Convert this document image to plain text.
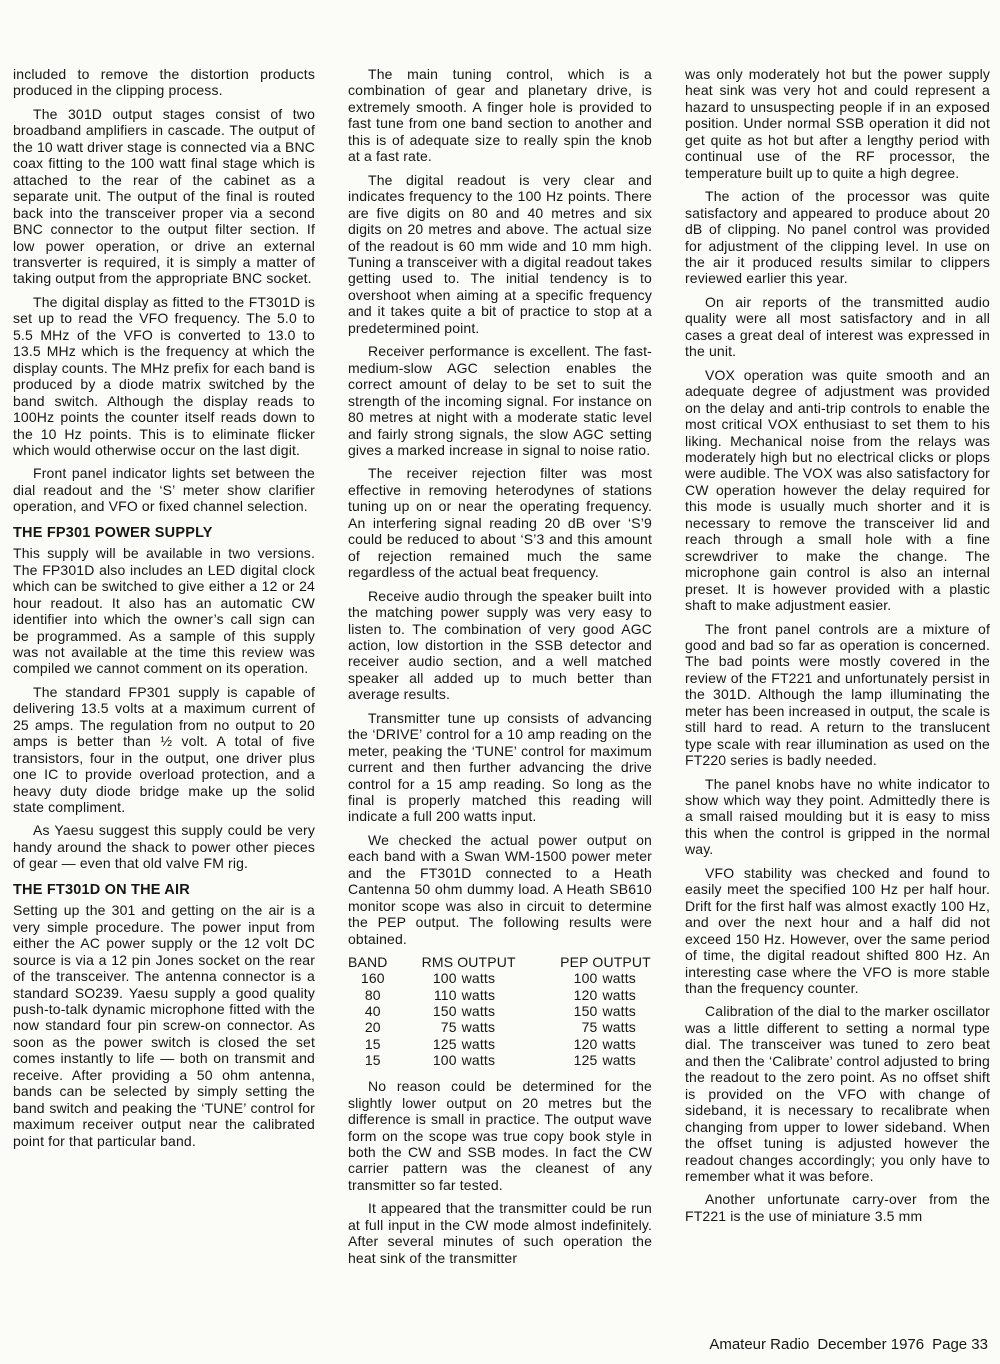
included to remove the distortion products produced in the clipping process.

The 301D output stages consist of two broadband amplifiers in cascade. The output of the 10 watt driver stage is connected via a BNC coax fitting to the 100 watt final stage which is attached to the rear of the cabinet as a separate unit. The output of the final is routed back into the transceiver proper via a second BNC connector to the output filter section. If low power operation, or drive an external transverter is required, it is simply a matter of taking output from the appropriate BNC socket.

The digital display as fitted to the FT301D is set up to read the VFO frequency. The 5.0 to 5.5 MHz of the VFO is converted to 13.0 to 13.5 MHz which is the frequency at which the display counts. The MHz prefix for each band is produced by a diode matrix switched by the band switch. Although the display reads to 100Hz points the counter itself reads down to the 10 Hz points. This is to eliminate flicker which would otherwise occur on the last digit.

Front panel indicator lights set between the dial readout and the ‘S’ meter show clarifier operation, and VFO or fixed channel selection.

THE FP301 POWER SUPPLY

This supply will be available in two versions. The FP301D also includes an LED digital clock which can be switched to give either a 12 or 24 hour readout. It also has an automatic CW identifier into which the owner’s call sign can be programmed. As a sample of this supply was not available at the time this review was compiled we cannot comment on its operation.

The standard FP301 supply is capable of delivering 13.5 volts at a maximum current of 25 amps. The regulation from no output to 20 amps is better than ½ volt. A total of five transistors, four in the output, one driver plus one IC to provide overload protection, and a heavy duty diode bridge make up the solid state compliment.

As Yaesu suggest this supply could be very handy around the shack to power other pieces of gear — even that old valve FM rig.

THE FT301D ON THE AIR

Setting up the 301 and getting on the air is a very simple procedure. The power input from either the AC power supply or the 12 volt DC source is via a 12 pin Jones socket on the rear of the transceiver. The antenna connector is a standard SO239. Yaesu supply a good quality push-to-talk dynamic microphone fitted with the now standard four pin screw-on connector. As soon as the power switch is closed the set comes instantly to life — both on transmit and receive. After providing a 50 ohm antenna, bands can be selected by simply setting the band switch and peaking the ‘TUNE’ control for maximum receiver output near the calibrated point for that particular band.

The main tuning control, which is a combination of gear and planetary drive, is extremely smooth. A finger hole is provided to fast tune from one band section to another and this is of adequate size to really spin the knob at a fast rate.

The digital readout is very clear and indicates frequency to the 100 Hz points. There are five digits on 80 and 40 metres and six digits on 20 metres and above. The actual size of the readout is 60 mm wide and 10 mm high. Tuning a transceiver with a digital readout takes getting used to. The initial tendency is to overshoot when aiming at a specific frequency and it takes quite a bit of practice to stop at a predetermined point.

Receiver performance is excellent. The fast-medium-slow AGC selection enables the correct amount of delay to be set to suit the strength of the incoming signal. For instance on 80 metres at night with a moderate static level and fairly strong signals, the slow AGC setting gives a marked increase in signal to noise ratio.

The receiver rejection filter was most effective in removing heterodynes of stations tuning up on or near the operating frequency. An interfering signal reading 20 dB over ‘S’9 could be reduced to about ‘S’3 and this amount of rejection remained much the same regardless of the actual beat frequency.

Receive audio through the speaker built into the matching power supply was very easy to listen to. The combination of very good AGC action, low distortion in the SSB detector and receiver audio section, and a well matched speaker all added up to much better than average results.

Transmitter tune up consists of advancing the ‘DRIVE’ control for a 10 amp reading on the meter, peaking the ‘TUNE’ control for maximum current and then further advancing the drive control for a 15 amp reading. So long as the final is properly matched this reading will indicate a full 200 watts input.

We checked the actual power output on each band with a Swan WM-1500 power meter and the FT301D connected to a Heath Cantenna 50 ohm dummy load. A Heath SB610 monitor scope was also in circuit to determine the PEP output. The following results were obtained.

BAND	RMS OUTPUT		PEP OUTPUT	
160	100	watts	100	watts
80	110	watts	120	watts
40	150	watts	150	watts
20	75	watts	75	watts
15	125	watts	120	watts
15	100	watts	125	watts

No reason could be determined for the slightly lower output on 20 metres but the difference is small in practice. The output wave form on the scope was true copy book style in both the CW and SSB modes. In fact the CW carrier pattern was the cleanest of any transmitter so far tested.

It appeared that the transmitter could be run at full input in the CW mode almost indefinitely. After several minutes of such operation the heat sink of the transmitter

was only moderately hot but the power supply heat sink was very hot and could represent a hazard to unsuspecting people if in an exposed position. Under normal SSB operation it did not get quite as hot but after a lengthy period with continual use of the RF processor, the temperature built up to quite a high degree.

The action of the processor was quite satisfactory and appeared to produce about 20 dB of clipping. No panel control was provided for adjustment of the clipping level. In use on the air it produced results similar to clippers reviewed earlier this year.

On air reports of the transmitted audio quality were all most satisfactory and in all cases a great deal of interest was expressed in the unit.

VOX operation was quite smooth and an adequate degree of adjustment was provided on the delay and anti-trip controls to enable the most critical VOX enthusiast to set them to his liking. Mechanical noise from the relays was moderately high but no electrical clicks or plops were audible. The VOX was also satisfactory for CW operation however the delay required for this mode is usually much shorter and it is necessary to remove the transceiver lid and reach through a small hole with a fine screwdriver to make the change. The microphone gain control is also an internal preset. It is however provided with a plastic shaft to make adjustment easier.

The front panel controls are a mixture of good and bad so far as operation is concerned. The bad points were mostly covered in the review of the FT221 and unfortunately persist in the 301D. Although the lamp illuminating the meter has been increased in output, the scale is still hard to read. A return to the translucent type scale with rear illumination as used on the FT220 series is badly needed.

The panel knobs have no white indicator to show which way they point. Admittedly there is a small raised moulding but it is easy to miss this when the control is gripped in the normal way.

VFO stability was checked and found to easily meet the specified 100 Hz per half hour. Drift for the first half was almost exactly 100 Hz, and over the next hour and a half did not exceed 150 Hz. However, over the same period of time, the digital readout shifted 800 Hz. An interesting case where the VFO is more stable than the frequency counter.

Calibration of the dial to the marker oscillator was a little different to setting a normal type dial. The transceiver was tuned to zero beat and then the ‘Calibrate’ control adjusted to bring the readout to the zero point. As no offset shift is provided on the VFO with change of sideband, it is necessary to recalibrate when changing from upper to lower sideband. When the offset tuning is adjusted however the readout changes accordingly; you only have to remember what it was before.

Another unfortunate carry-over from the FT221 is the use of miniature 3.5 mm

Amateur Radio December 1976 Page 33
